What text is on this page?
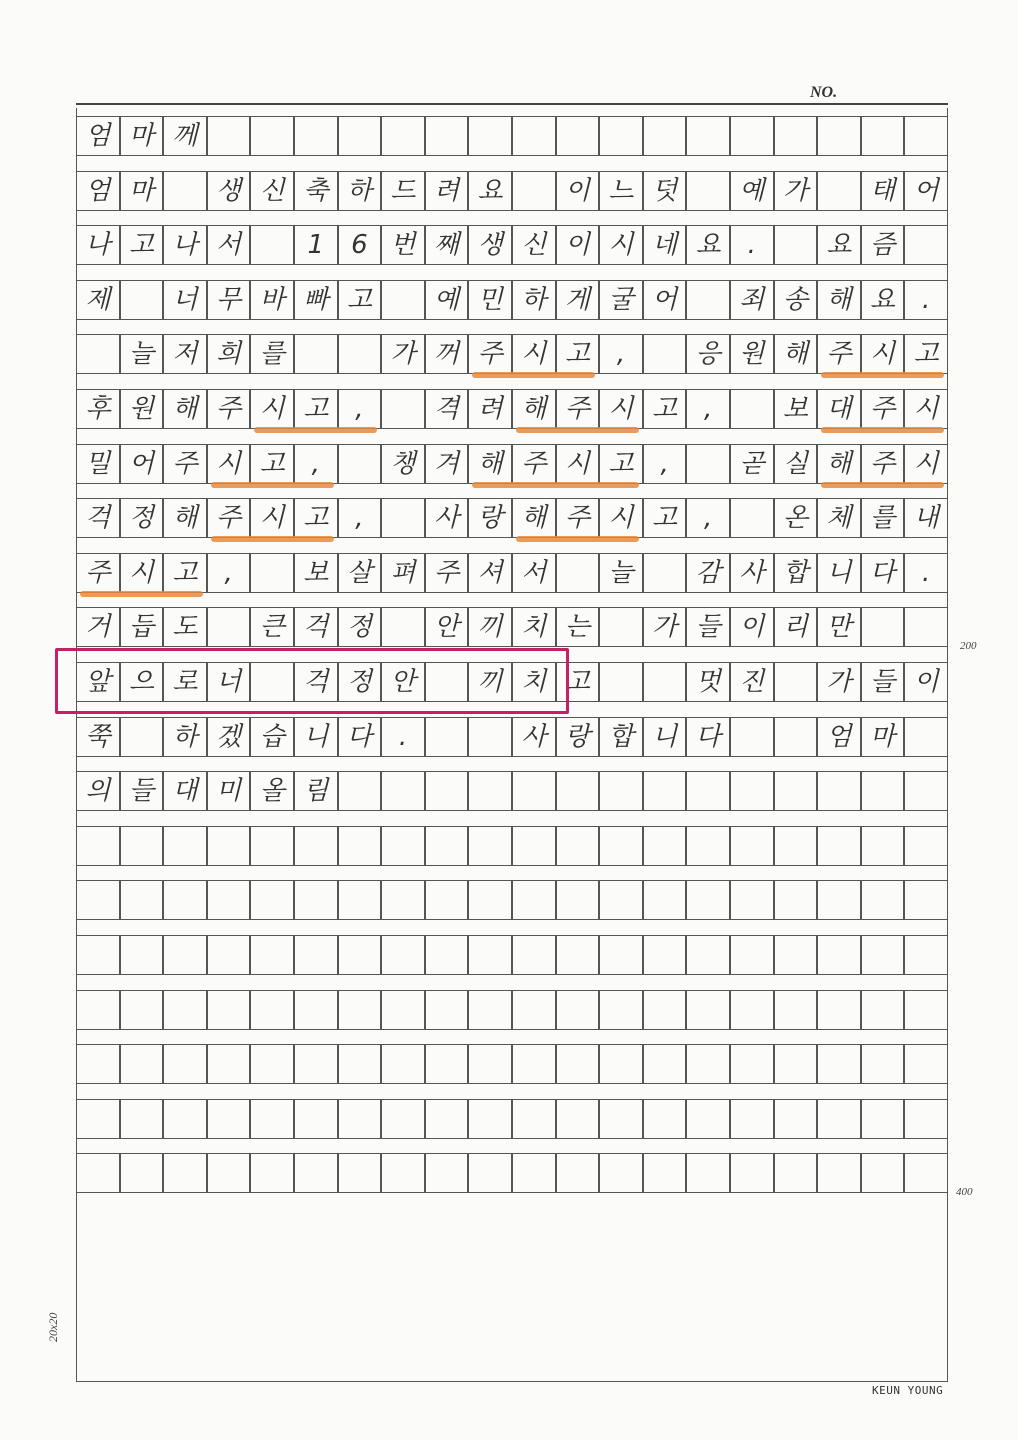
NO.
엄 마 께
엄 마	생 신 축 하 드 려 요	이 느 덧	예 가	태 어
나 고 나 서	1	6 번 째 생 신 이 시 네 요	.	요 즘
제	너 무 바 빠 고	예 민 하 게 굴 어	죄 송 해 요	.
늘 저 희 를	가 꺼 주 시 고	,	응 원 해 주 시 고
후 원 해 주 시 고	,	격 려 해 주 시 고	,	보 대 주 시
밀 어 주 시 고	,	챙 겨 해 주 시 고	,	곧 실 해 주 시
걱 정 해 주 시 고	,	사 랑 해 주 시 고	,	온 체 를 내
주 시 고	,	보 살 펴 주 셔 서	늘	감 사 합 니 다	.
거 듭 도	큰 걱 정	안 끼 치 는	가 들 이 리 만
앞 으 로 너	걱 정 안	끼 치 고	멋 진	가 들 이
쭉	하 겠 습 니 다	.	사 랑 합 니 다	엄 마
의 들 대 미 올 림
200
400
20x20
KEUN YOUNG
